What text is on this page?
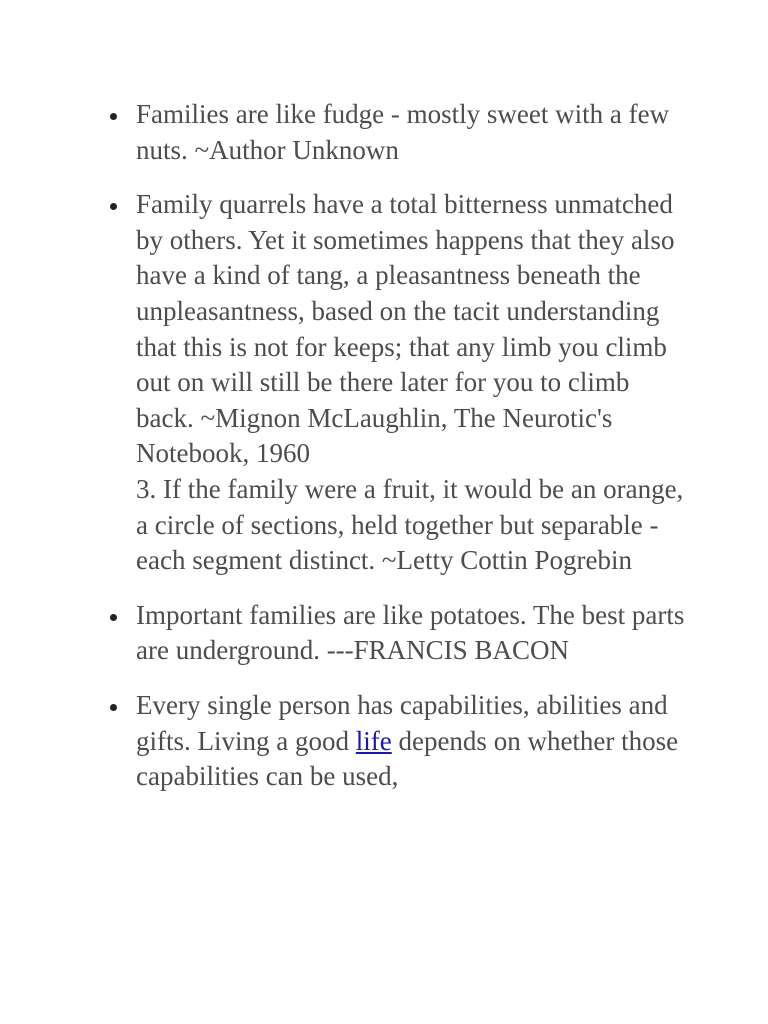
Families are like fudge - mostly sweet with a few nuts. ~Author Unknown
Family quarrels have a total bitterness unmatched by others. Yet it sometimes happens that they also have a kind of tang, a pleasantness beneath the unpleasantness, based on the tacit understanding that this is not for keeps; that any limb you climb out on will still be there later for you to climb back. ~Mignon McLaughlin, The Neurotic's Notebook, 1960
3. If the family were a fruit, it would be an orange, a circle of sections, held together but separable - each segment distinct. ~Letty Cottin Pogrebin
Important families are like potatoes. The best parts are underground. ---FRANCIS BACON
Every single person has capabilities, abilities and gifts. Living a good life depends on whether those capabilities can be used,
